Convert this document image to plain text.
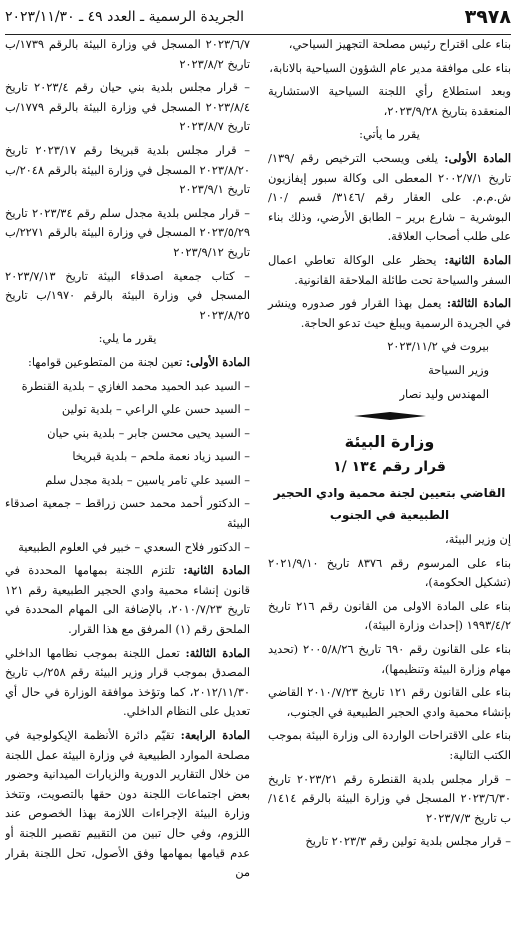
٣٩٧٨
الجريدة الرسمية ـ العدد ٤٩ ـ ٢٠٢٣/١١/٣٠

بناء على اقتراح رئيس مصلحة التجهيز السياحي،

بناء على موافقة مدير عام الشؤون السياحية بالانابة،

وبعد استطلاع رأي اللجنة السياحية الاستشارية المنعقدة بتاريخ ٢٠٢٣/٩/٢٨،

يقرر ما يأتي:

المادة الأولى: يلغى ويسحب الترخيص رقم /١٣٩/ تاريخ ٢٠٠٢/٧/١ المعطى الى وكالة سبور إيفازيون ش.م.م. على العقار رقم /٣١٤٦/ قسم /١٠/ البوشرية – شارع برير – الطابق الأرضي، وذلك بناء على طلب أصحاب العلاقة.

المادة الثانية: يحظر على الوكالة تعاطي اعمال السفر والسياحة تحت طائلة الملاحقة القانونية.

المادة الثالثة: يعمل بهذا القرار فور صدوره وينشر في الجريدة الرسمية ويبلغ حيث تدعو الحاجة.

بيروت في ٢٠٢٣/١١/٢

وزير السياحة

المهندس وليد نصار

وزارة البيئة

قرار رقم ١٣٤ /١

القاضي بتعيين لجنة محمية وادي الحجير الطبيعية في الجنوب

إن وزير البيئة،

بناء على المرسوم رقم ٨٣٧٦ تاريخ ٢٠٢١/٩/١٠ (تشكيل الحكومة)،

بناء على المادة الاولى من القانون رقم ٢١٦ تاريخ ١٩٩٣/٤/٢ (إحداث وزارة البيئة)،

بناء على القانون رقم ٦٩٠ تاريخ ٢٠٠٥/٨/٢٦ (تحديد مهام وزارة البيئة وتنظيمها)،

بناء على القانون رقم ١٢١ تاريخ ٢٠١٠/٧/٢٣ القاضي بإنشاء محمية وادي الحجير الطبيعية في الجنوب،

بناء على الاقتراحات الواردة الى وزارة البيئة بموجب الكتب التالية:

– قرار مجلس بلدية القنطرة رقم ٢٠٢٣/٢١ تاريخ ٢٠٢٣/٦/٣٠ المسجل في وزارة البيئة بالرقم ١٤١٤/ب تاريخ ٢٠٢٣/٧/٣

– قرار مجلس بلدية تولين رقم ٢٠٢٣/٣ تاريخ

٢٠٢٣/٦/٧ المسجل في وزارة البيئة بالرقم ١٧٣٩/ب تاريخ ٢٠٢٣/٨/٢

– قرار مجلس بلدية بني حيان رقم ٢٠٢٣/٤ تاريخ ٢٠٢٣/٨/٤ المسجل في وزارة البيئة بالرقم ١٧٧٩/ب تاريخ ٢٠٢٣/٨/٧

– قرار مجلس بلدية قبريخا رقم ٢٠٢٣/١٧ تاريخ ٢٠٢٣/٨/٢٠ المسجل في وزارة البيئة بالرقم ٢٠٤٨/ب تاريخ ٢٠٢٣/٩/١

– قرار مجلس بلدية مجدل سلم رقم ٢٠٢٣/٣٤ تاريخ ٢٠٢٣/٥/٢٩ المسجل في وزارة البيئة بالرقم ٢٢٧١/ب تاريخ ٢٠٢٣/٩/١٢

– كتاب جمعية اصدقاء البيئة تاريخ ٢٠٢٣/٧/١٣ المسجل في وزارة البيئة بالرقم ١٩٧٠/ب تاريخ ٢٠٢٣/٨/٢٥

يقرر ما يلي:

المادة الأولى: تعين لجنة من المتطوعين قوامها:

– السيد عبد الحميد محمد الغازي – بلدية القنطرة

– السيد حسن علي الراعي – بلدية تولين

– السيد يحيى محسن جابر – بلدية بني حيان

– السيد زياد نعمة ملحم – بلدية قبريخا

– السيد علي تامر ياسين – بلدية مجدل سلم

– الدكتور أحمد محمد حسن زراقط – جمعية اصدقاء البيئة

– الدكتور فلاح السعدي – خبير في العلوم الطبيعية

المادة الثانية: تلتزم اللجنة بمهامها المحددة في قانون إنشاء محمية وادي الحجير الطبيعية رقم ١٢١ تاريخ ٢٠١٠/٧/٢٣، بالإضافة الى المهام المحددة في الملحق رقم (١) المرفق مع هذا القرار.

المادة الثالثة: تعمل اللجنة بموجب نظامها الداخلي المصدق بموجب قرار وزير البيئة رقم ٢٥٨/ب تاريخ ٢٠١٢/١١/٣٠، كما وتؤخذ موافقة الوزارة في حال أي تعديل على النظام الداخلي.

المادة الرابعة: تقيّم دائرة الأنظمة الإيكولوجية في مصلحة الموارد الطبيعية في وزارة البيئة عمل اللجنة من خلال التقارير الدورية والزيارات الميدانية وحضور بعض اجتماعات اللجنة دون حقها بالتصويت، وتتخذ وزارة البيئة الإجراءات اللازمة بهذا الخصوص عند اللزوم، وفي حال تبين من التقييم تقصير اللجنة أو عدم قيامها بمهامها وفق الأصول، تحل اللجنة بقرار من
